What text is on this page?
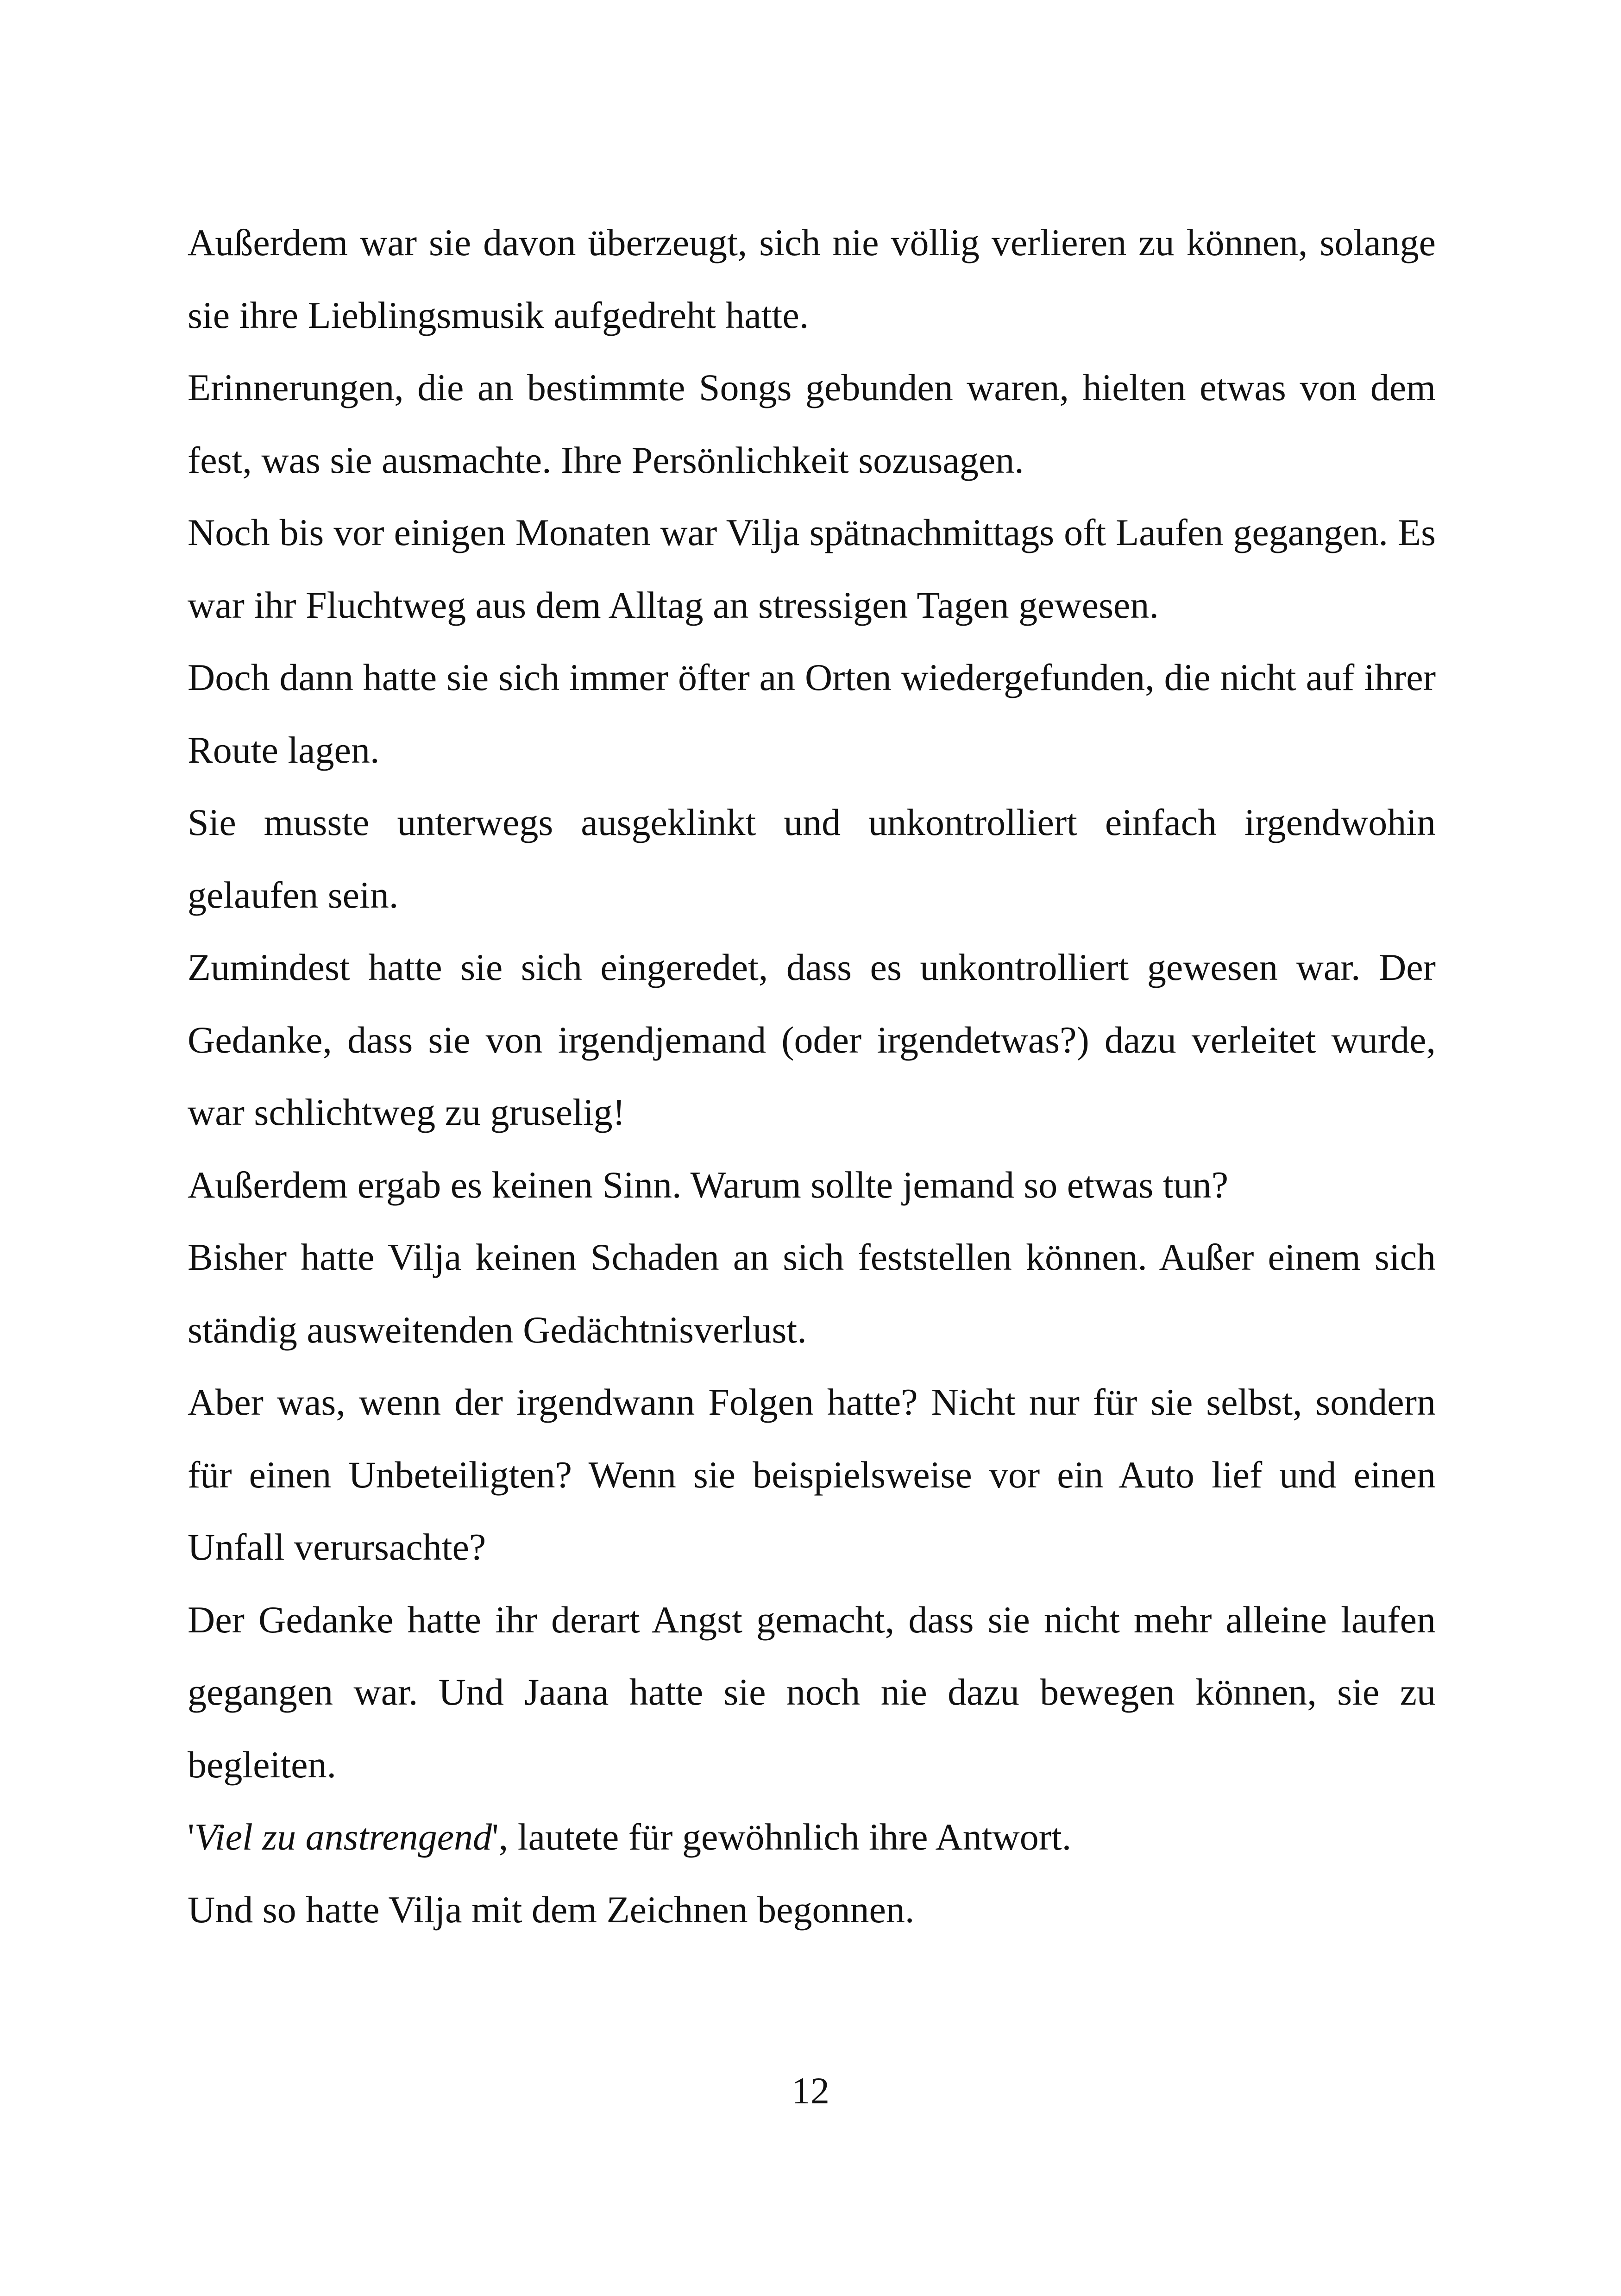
Außerdem war sie davon überzeugt, sich nie völlig verlieren zu können, solange sie ihre Lieblingsmusik aufgedreht hatte.

Erinnerungen, die an bestimmte Songs gebunden waren, hielten etwas von dem fest, was sie ausmachte. Ihre Persönlichkeit sozusagen.

Noch bis vor einigen Monaten war Vilja spätnachmittags oft Laufen gegangen. Es war ihr Fluchtweg aus dem Alltag an stressigen Tagen gewesen.

Doch dann hatte sie sich immer öfter an Orten wiedergefunden, die nicht auf ihrer Route lagen.

Sie musste unterwegs ausgeklinkt und unkontrolliert einfach irgendwohin gelaufen sein.

Zumindest hatte sie sich eingeredet, dass es unkontrolliert gewesen war. Der Gedanke, dass sie von irgendjemand (oder irgendetwas?) dazu verleitet wurde, war schlichtweg zu gruselig!

Außerdem ergab es keinen Sinn. Warum sollte jemand so etwas tun?

Bisher hatte Vilja keinen Schaden an sich feststellen können. Außer einem sich ständig ausweitenden Gedächtnisverlust.

Aber was, wenn der irgendwann Folgen hatte? Nicht nur für sie selbst, sondern für einen Unbeteiligten? Wenn sie beispielsweise vor ein Auto lief und einen Unfall verursachte?

Der Gedanke hatte ihr derart Angst gemacht, dass sie nicht mehr alleine laufen gegangen war. Und Jaana hatte sie noch nie dazu bewegen können, sie zu begleiten.

'Viel zu anstrengend', lautete für gewöhnlich ihre Antwort.

Und so hatte Vilja mit dem Zeichnen begonnen.

12
